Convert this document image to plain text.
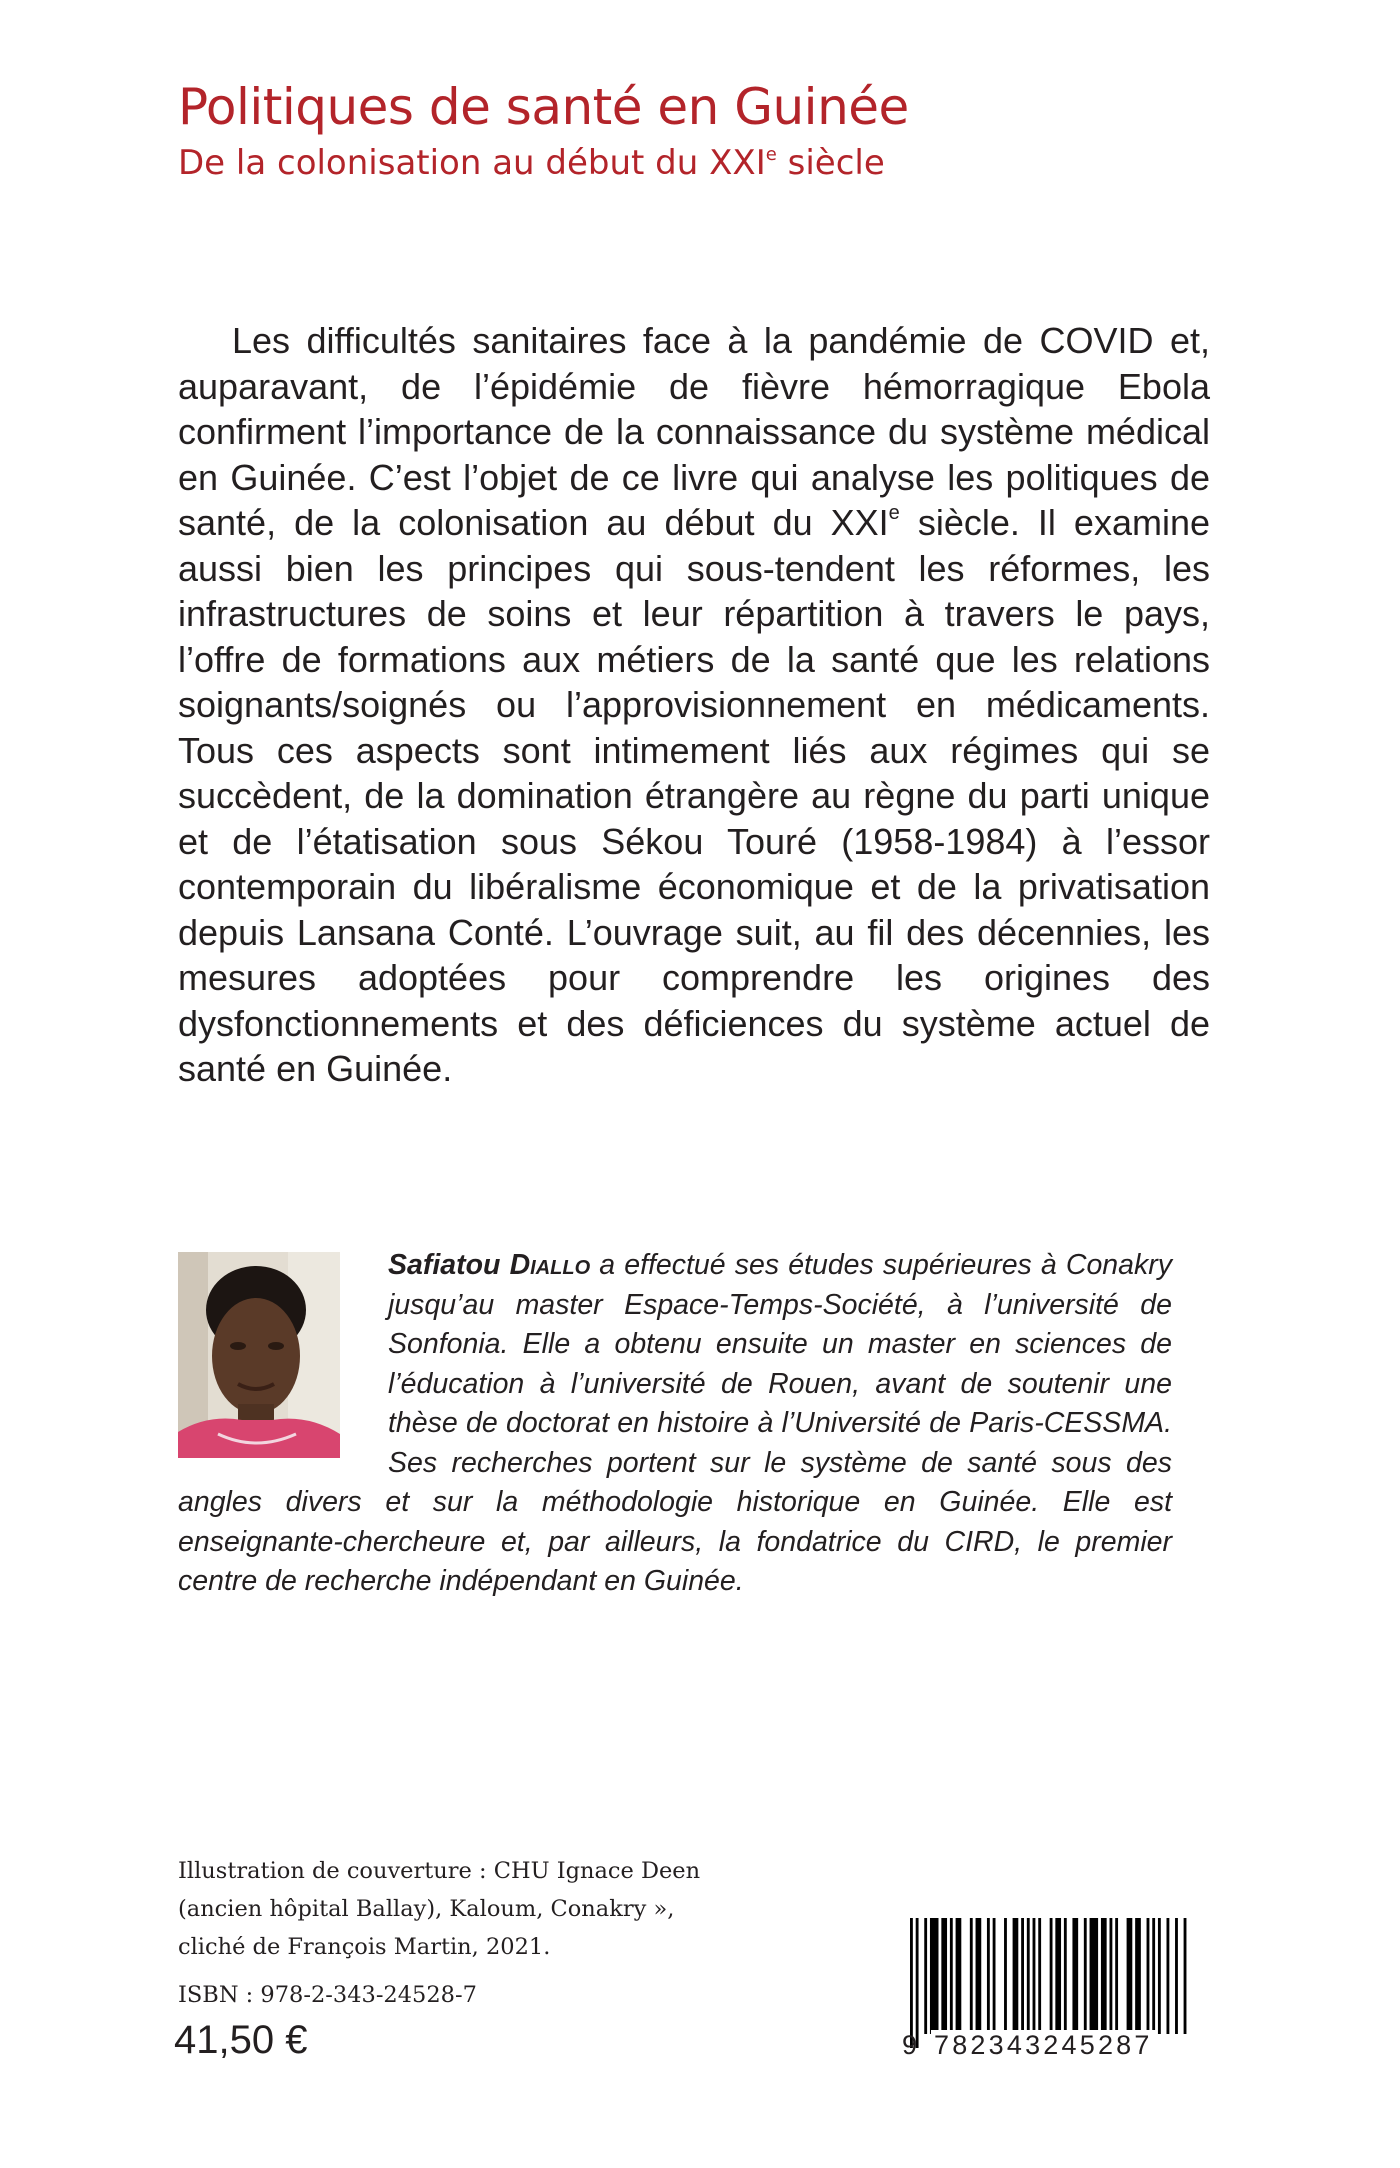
Politiques de santé en Guinée
De la colonisation au début du XXIe siècle

Les difficultés sanitaires face à la pandémie de COVID et, auparavant, de l’épidémie de fièvre hémorragique Ebola confirment l’importance de la connaissance du système médical en Guinée. C’est l’objet de ce livre qui analyse les politiques de santé, de la colonisation au début du XXIe siècle. Il examine aussi bien les principes qui sous-tendent les réformes, les infrastructures de soins et leur répartition à travers le pays, l’offre de formations aux métiers de la santé que les relations soignants/soignés ou l’approvisionnement en médicaments. Tous ces aspects sont intimement liés aux régimes qui se succèdent, de la domination étrangère au règne du parti unique et de l’étatisation sous Sékou Touré (1958-1984) à l’essor contemporain du libéralisme économique et de la privatisation depuis Lansana Conté. L’ouvrage suit, au fil des décennies, les mesures adoptées pour comprendre les origines des dysfonctionnements et des déficiences du système actuel de santé en Guinée.

Safiatou Diallo a effectué ses études supérieures à Conakry jusqu’au master Espace-Temps-Société, à l’université de Sonfonia. Elle a obtenu ensuite un master en sciences de l’éducation à l’université de Rouen, avant de soutenir une thèse de doctorat en histoire à l’Université de Paris-CESSMA. Ses recherches portent sur le système de santé sous des angles divers et sur la méthodologie historique en Guinée. Elle est enseignante-chercheure et, par ailleurs, la fondatrice du CIRD, le premier centre de recherche indépendant en Guinée.

Illustration de couverture : CHU Ignace Deen
(ancien hôpital Ballay), Kaloum, Conakry »,
cliché de François Martin, 2021.
ISBN : 978-2-343-24528-7
41,50 €	9 782343245287
